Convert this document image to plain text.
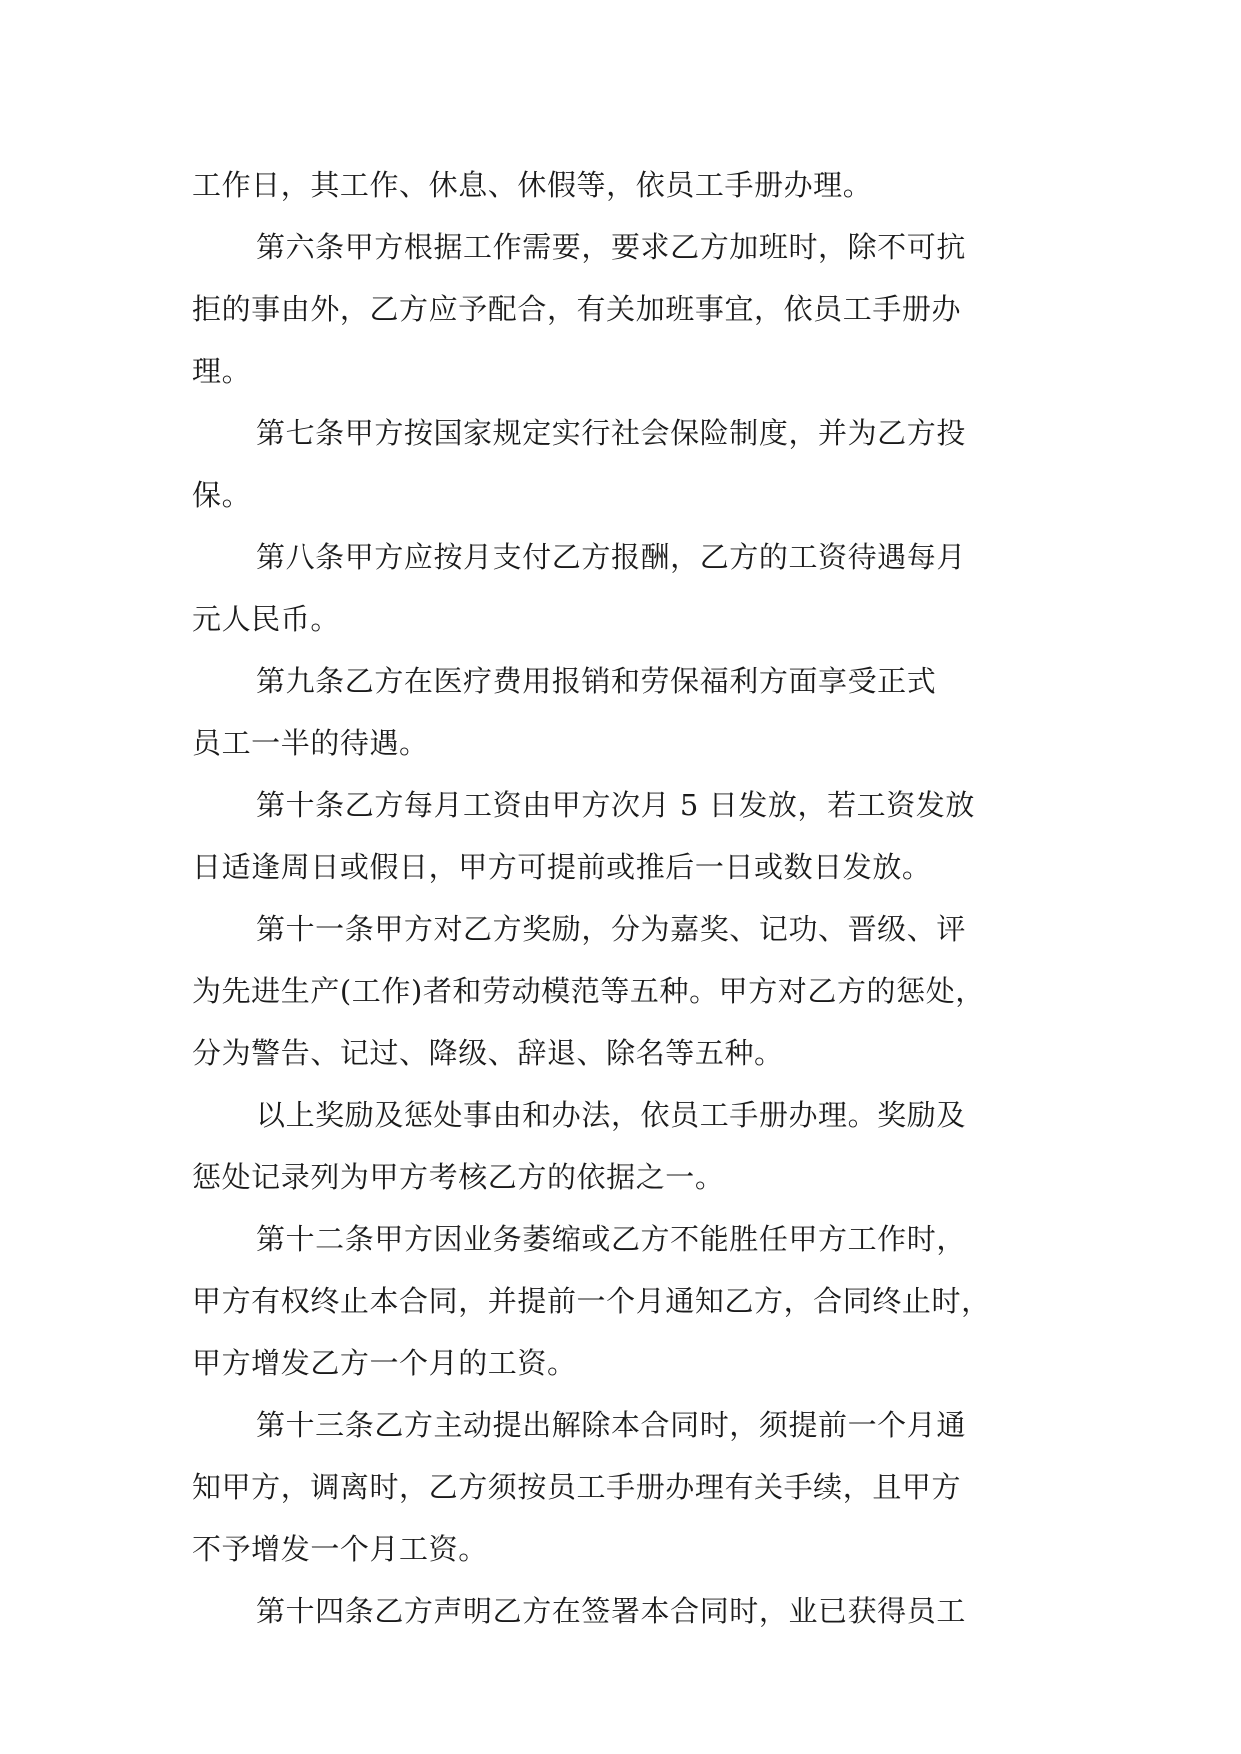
工作日，其工作、休息、休假等，依员工手册办理。
第六条甲方根据工作需要，要求乙方加班时，除不可抗
拒的事由外，乙方应予配合，有关加班事宜，依员工手册办
理。
第七条甲方按国家规定实行社会保险制度，并为乙方投
保。
第八条甲方应按月支付乙方报酬，乙方的工资待遇每月
元人民币。
第九条乙方在医疗费用报销和劳保福利方面享受正式
员工一半的待遇。
第十条乙方每月工资由甲方次月 5 日发放，若工资发放
日适逢周日或假日，甲方可提前或推后一日或数日发放。
第十一条甲方对乙方奖励，分为嘉奖、记功、晋级、评
为先进生产(工作)者和劳动模范等五种。甲方对乙方的惩处，
分为警告、记过、降级、辞退、除名等五种。
以上奖励及惩处事由和办法，依员工手册办理。奖励及
惩处记录列为甲方考核乙方的依据之一。
第十二条甲方因业务萎缩或乙方不能胜任甲方工作时，
甲方有权终止本合同，并提前一个月通知乙方，合同终止时，
甲方增发乙方一个月的工资。
第十三条乙方主动提出解除本合同时，须提前一个月通
知甲方，调离时，乙方须按员工手册办理有关手续，且甲方
不予增发一个月工资。
第十四条乙方声明乙方在签署本合同时，业已获得员工
